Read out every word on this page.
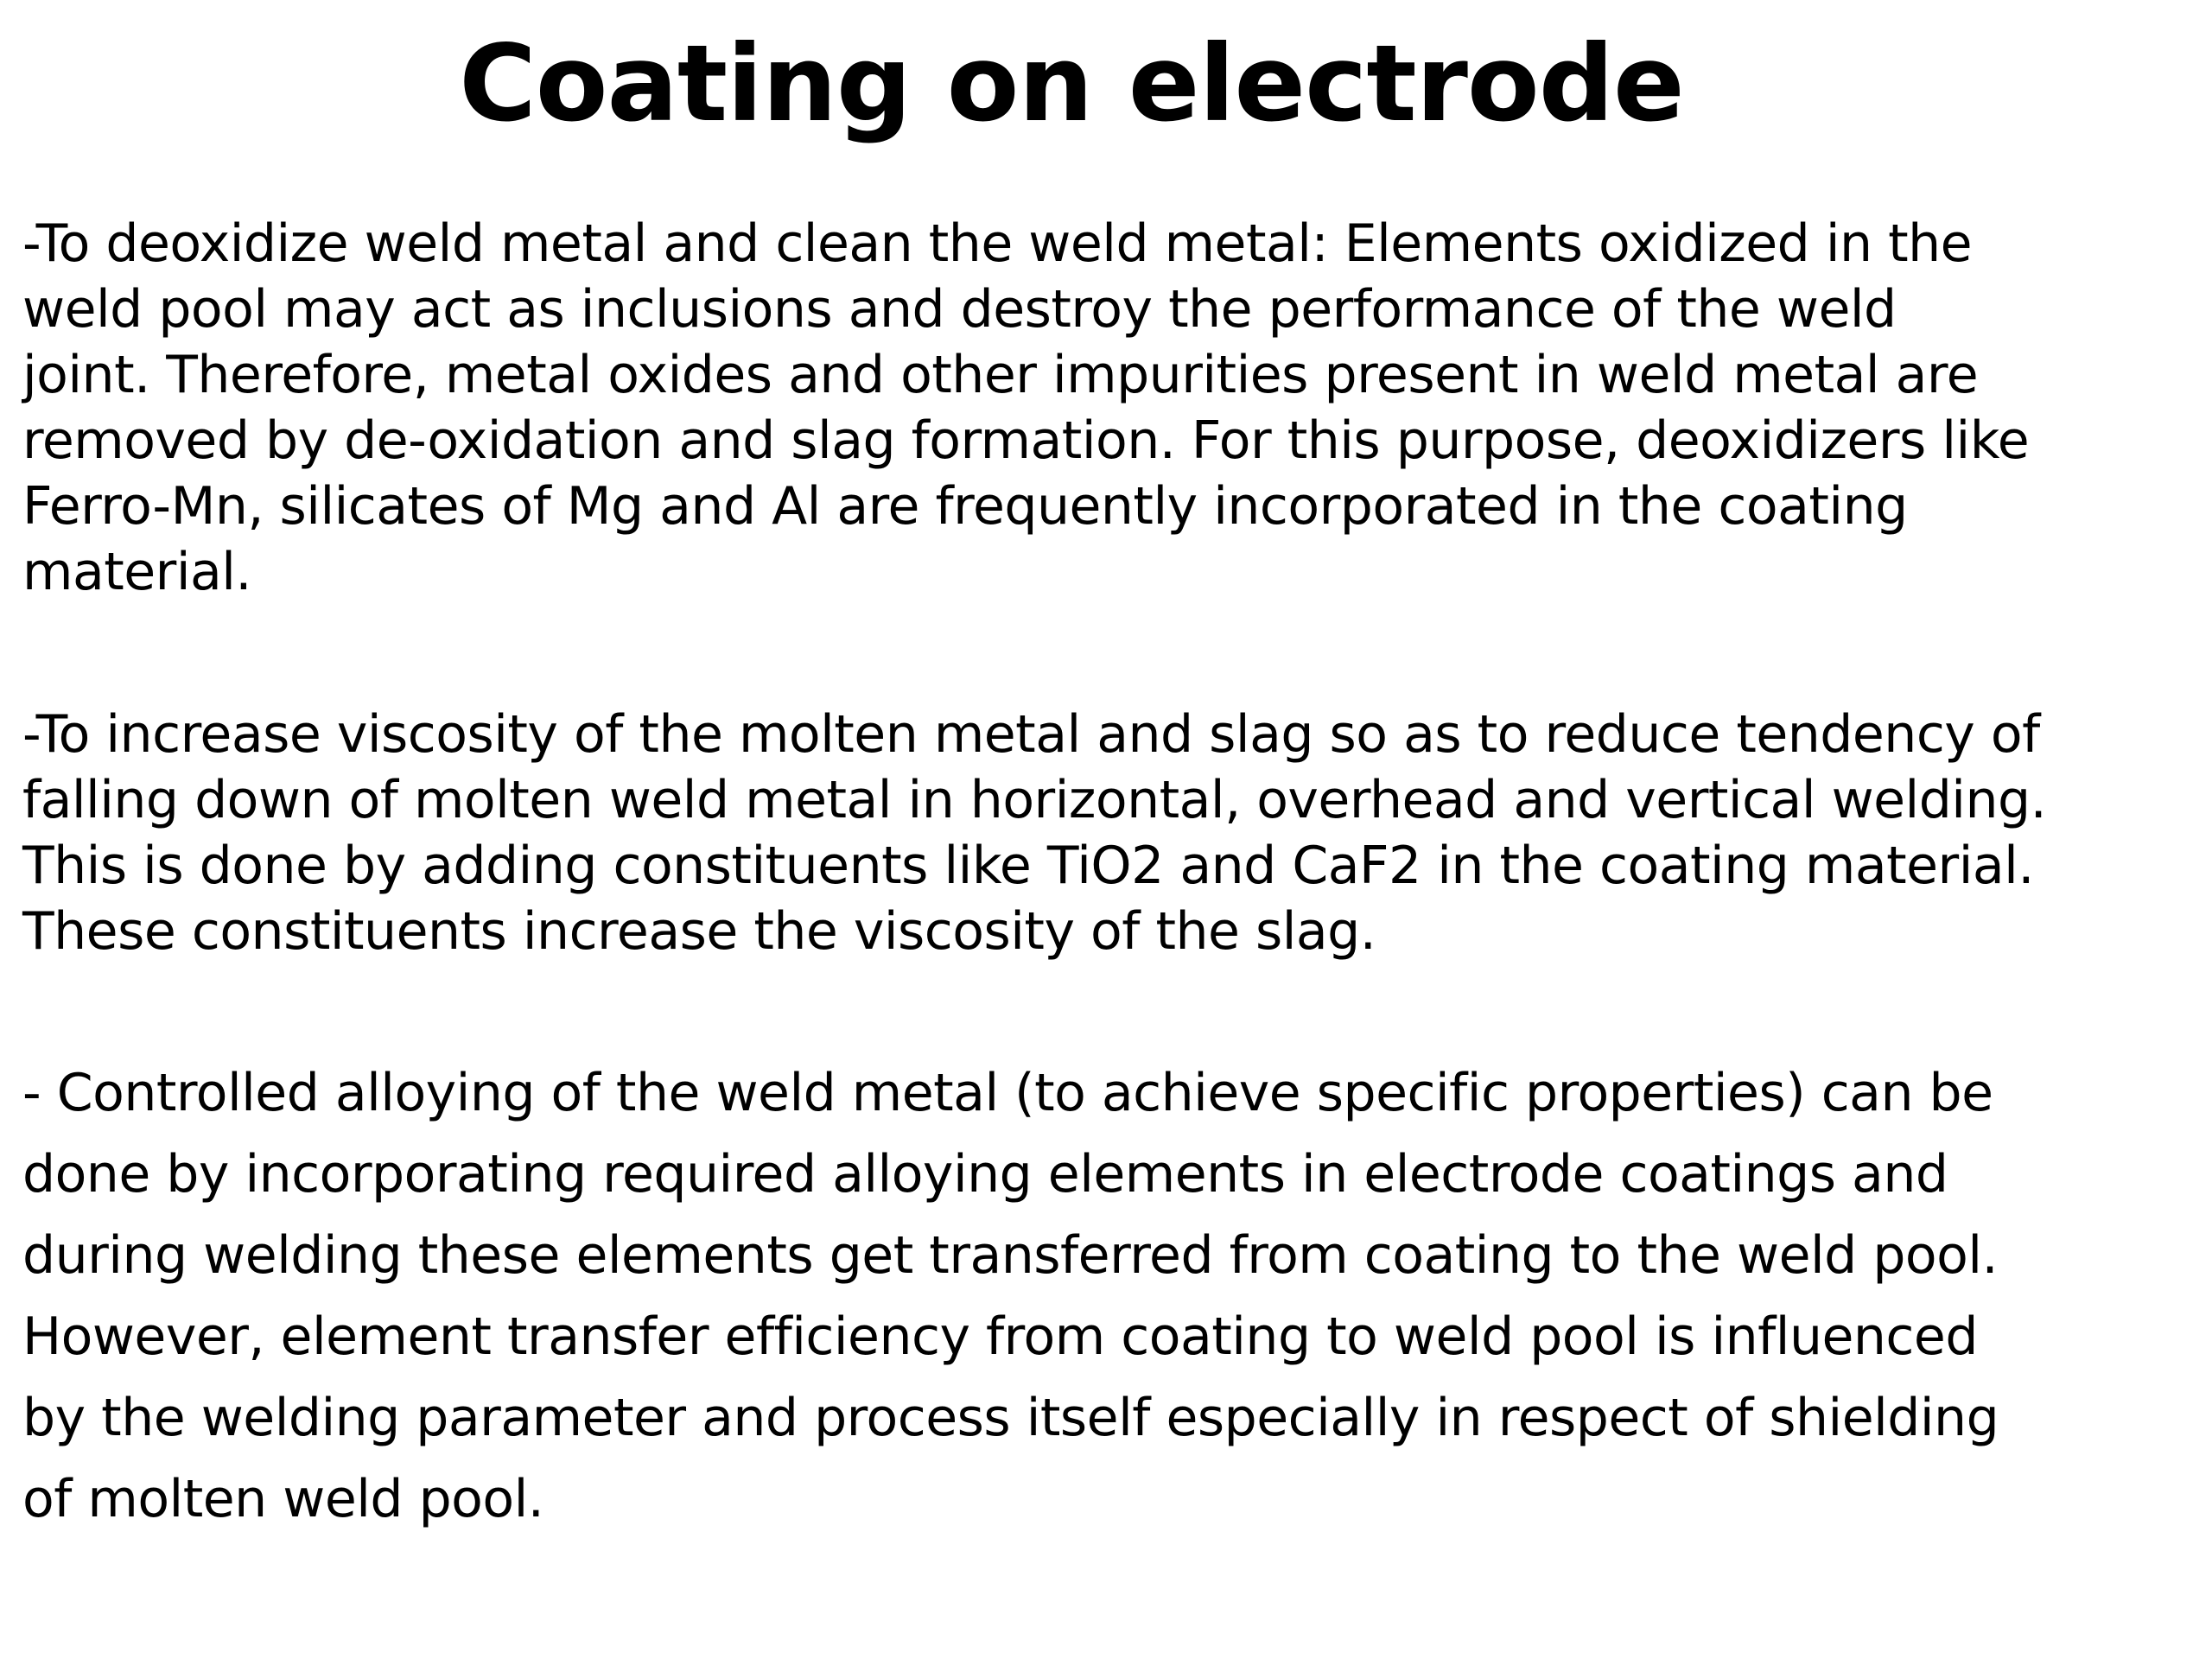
Coating on electrode
-To deoxidize weld metal and clean the weld metal: Elements oxidized in the
weld pool may act as inclusions and destroy the performance of the weld
joint. Therefore, metal oxides and other impurities present in weld metal are
removed by de-oxidation and slag formation. For this purpose, deoxidizers like
Ferro-Mn, silicates of Mg and Al are frequently incorporated in the coating
material.
-To increase viscosity of the molten metal and slag so as to reduce tendency of
falling down of molten weld metal in horizontal, overhead and vertical welding.
This is done by adding constituents like TiO2 and CaF2 in the coating material.
These constituents increase the viscosity of the slag.
- Controlled alloying of the weld metal (to achieve specific properties) can be
done by incorporating required alloying elements in electrode coatings and
during welding these elements get transferred from coating to the weld pool.
However, element transfer efficiency from coating to weld pool is influenced
by the welding parameter and process itself especially in respect of shielding
of molten weld pool.
